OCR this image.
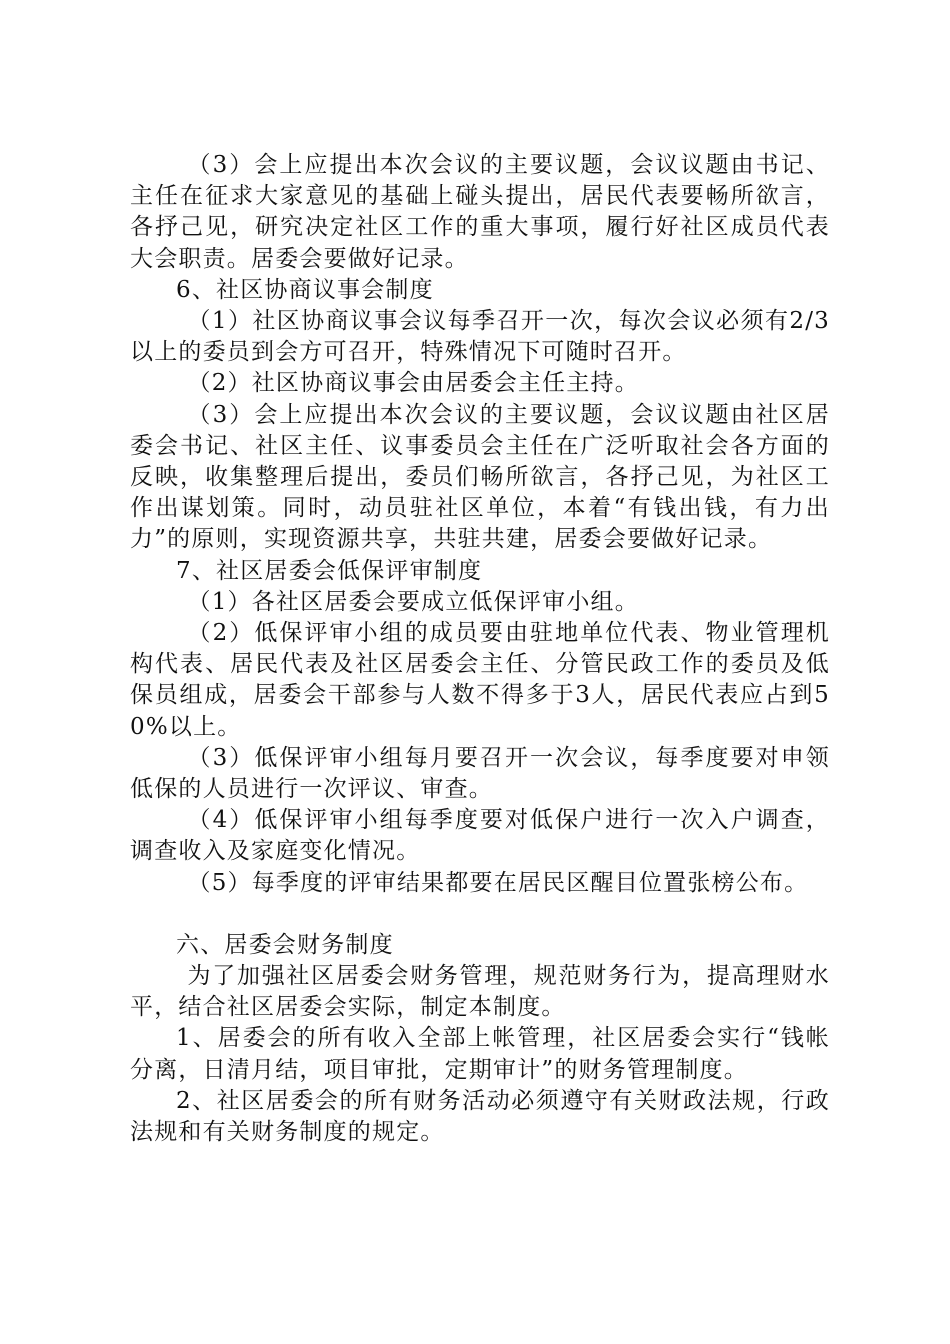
（3）会上应提出本次会议的主要议题，会议议题由书记、主任在征求大家意见的基础上碰头提出，居民代表要畅所欲言，各抒己见，研究决定社区工作的重大事项，履行好社区成员代表大会职责。居委会要做好记录。

6、社区协商议事会制度

（1）社区协商议事会议每季召开一次，每次会议必须有2/3以上的委员到会方可召开，特殊情况下可随时召开。

（2）社区协商议事会由居委会主任主持。

（3）会上应提出本次会议的主要议题，会议议题由社区居委会书记、社区主任、议事委员会主任在广泛听取社会各方面的反映，收集整理后提出，委员们畅所欲言，各抒己见，为社区工作出谋划策。同时，动员驻社区单位，本着“有钱出钱，有力出力”的原则，实现资源共享，共驻共建，居委会要做好记录。

7、社区居委会低保评审制度

（1）各社区居委会要成立低保评审小组。

（2）低保评审小组的成员要由驻地单位代表、物业管理机构代表、居民代表及社区居委会主任、分管民政工作的委员及低保员组成，居委会干部参与人数不得多于3人，居民代表应占到50%以上。

（3）低保评审小组每月要召开一次会议，每季度要对申领低保的人员进行一次评议、审查。

（4）低保评审小组每季度要对低保户进行一次入户调查，调查收入及家庭变化情况。

（5）每季度的评审结果都要在居民区醒目位置张榜公布。

六、居委会财务制度

为了加强社区居委会财务管理，规范财务行为，提高理财水平，结合社区居委会实际，制定本制度。

1、居委会的所有收入全部上帐管理，社区居委会实行“钱帐分离，日清月结，项目审批，定期审计”的财务管理制度。

2、社区居委会的所有财务活动必须遵守有关财政法规，行政法规和有关财务制度的规定。
